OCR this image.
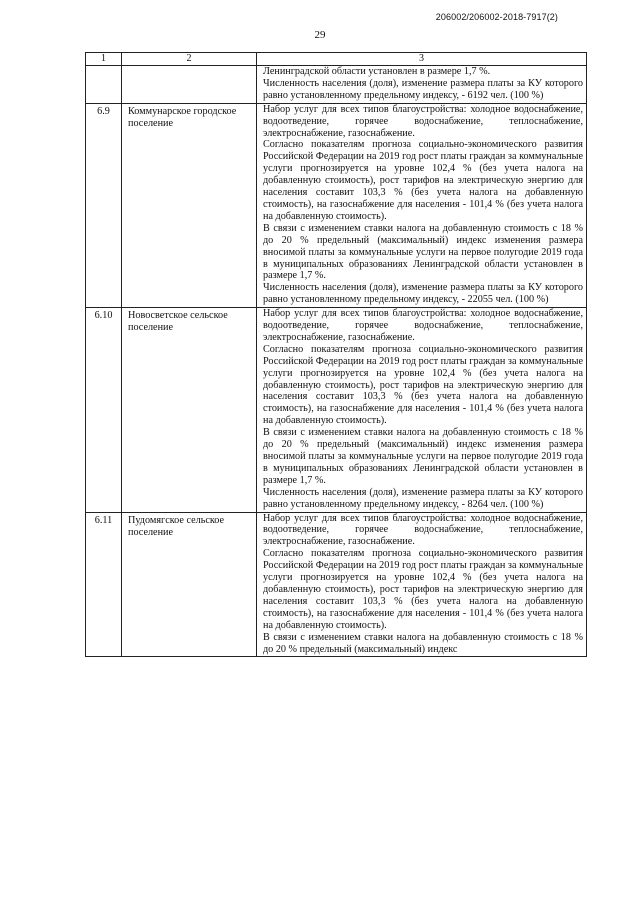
206002/206002-2018-7917(2)
29
1	2	3

		Ленинградской области установлен в размере 1,7 %.

Численность населения (доля), изменение размера платы за КУ которого равно установленному предельному индексу, - 6192 чел. (100 %)

6.9	Коммунарское городское поселение	Набор услуг для всех типов благоустройства: холодное водоснабжение, водоотведение, горячее водоснабжение, теплоснабжение, электроснабжение, газоснабжение.

Согласно показателям прогноза социально-экономического развития Российской Федерации на 2019 год рост платы граждан за коммунальные услуги прогнозируется на уровне 102,4 % (без учета налога на добавленную стоимость), рост тарифов на электрическую энергию для населения составит 103,3 % (без учета налога на добавленную стоимость), на газоснабжение для населения - 101,4 % (без учета налога на добавленную стоимость).

В связи с изменением ставки налога на добавленную стоимость с 18 % до 20 % предельный (максимальный) индекс изменения размера вносимой платы за коммунальные услуги на первое полугодие 2019 года в муниципальных образованиях Ленинградской области установлен в размере 1,7 %.

Численность населения (доля), изменение размера платы за КУ которого равно установленному предельному индексу, - 22055 чел. (100 %)

6.10	Новосветское сельское поселение	Набор услуг для всех типов благоустройства: холодное водоснабжение, водоотведение, горячее водоснабжение, теплоснабжение, электроснабжение, газоснабжение.

Согласно показателям прогноза социально-экономического развития Российской Федерации на 2019 год рост платы граждан за коммунальные услуги прогнозируется на уровне 102,4 % (без учета налога на добавленную стоимость), рост тарифов на электрическую энергию для населения составит 103,3 % (без учета налога на добавленную стоимость), на газоснабжение для населения - 101,4 % (без учета налога на добавленную стоимость).

В связи с изменением ставки налога на добавленную стоимость с 18 % до 20 % предельный (максимальный) индекс изменения размера вносимой платы за коммунальные услуги на первое полугодие 2019 года в муниципальных образованиях Ленинградской области установлен в размере 1,7 %.

Численность населения (доля), изменение размера платы за КУ которого равно установленному предельному индексу, - 8264 чел. (100 %)

6.11	Пудомягское сельское поселение	Набор услуг для всех типов благоустройства: холодное водоснабжение, водоотведение, горячее водоснабжение, теплоснабжение, электроснабжение, газоснабжение.

Согласно показателям прогноза социально-экономического развития Российской Федерации на 2019 год рост платы граждан за коммунальные услуги прогнозируется на уровне 102,4 % (без учета налога на добавленную стоимость), рост тарифов на электрическую энергию для населения составит 103,3 % (без учета налога на добавленную стоимость), на газоснабжение для населения - 101,4 % (без учета налога на добавленную стоимость).

В связи с изменением ставки налога на добавленную стоимость с 18 % до 20 % предельный (максимальный) индекс
